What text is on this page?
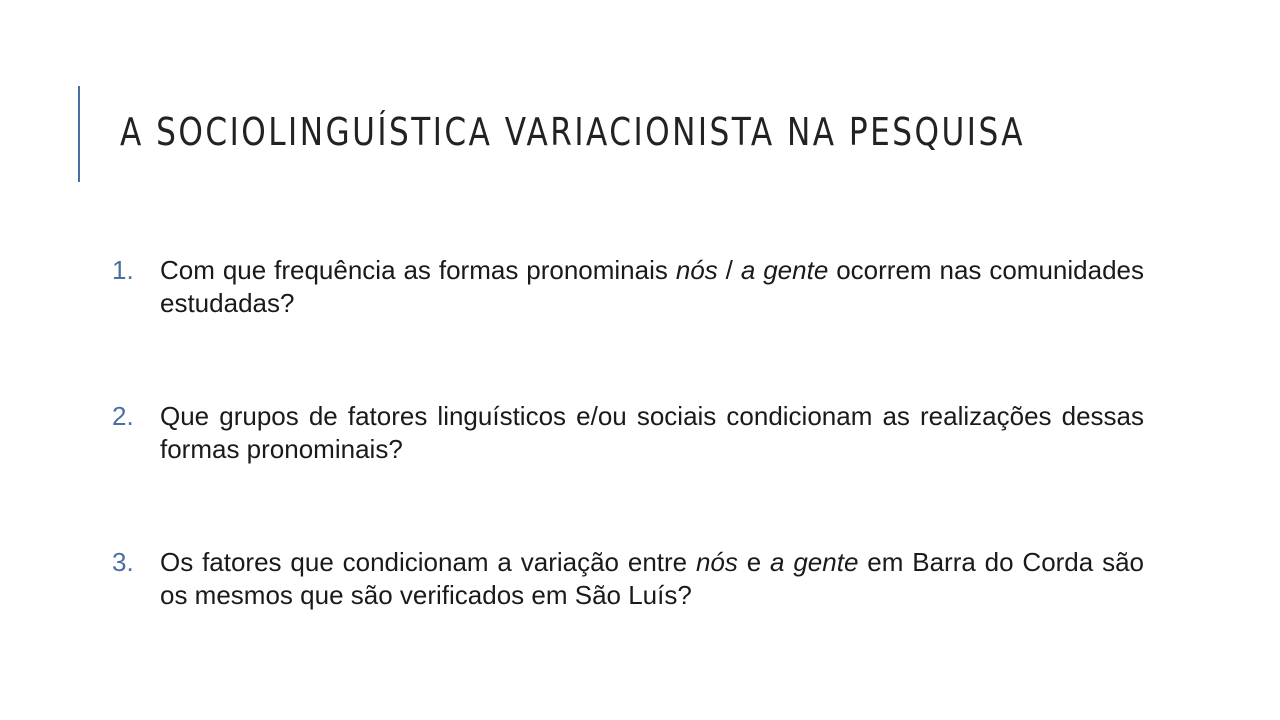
A SOCIOLINGUÍSTICA VARIACIONISTA NA PESQUISA
1.	Com que frequência as formas pronominais nós / a gente ocorrem nas comunidades estudadas?
2.	Que grupos de fatores linguísticos e/ou sociais condicionam as realizações dessas formas pronominais?
3.	Os fatores que condicionam a variação entre nós e a gente em Barra do Corda são os mesmos que são verificados em São Luís?
